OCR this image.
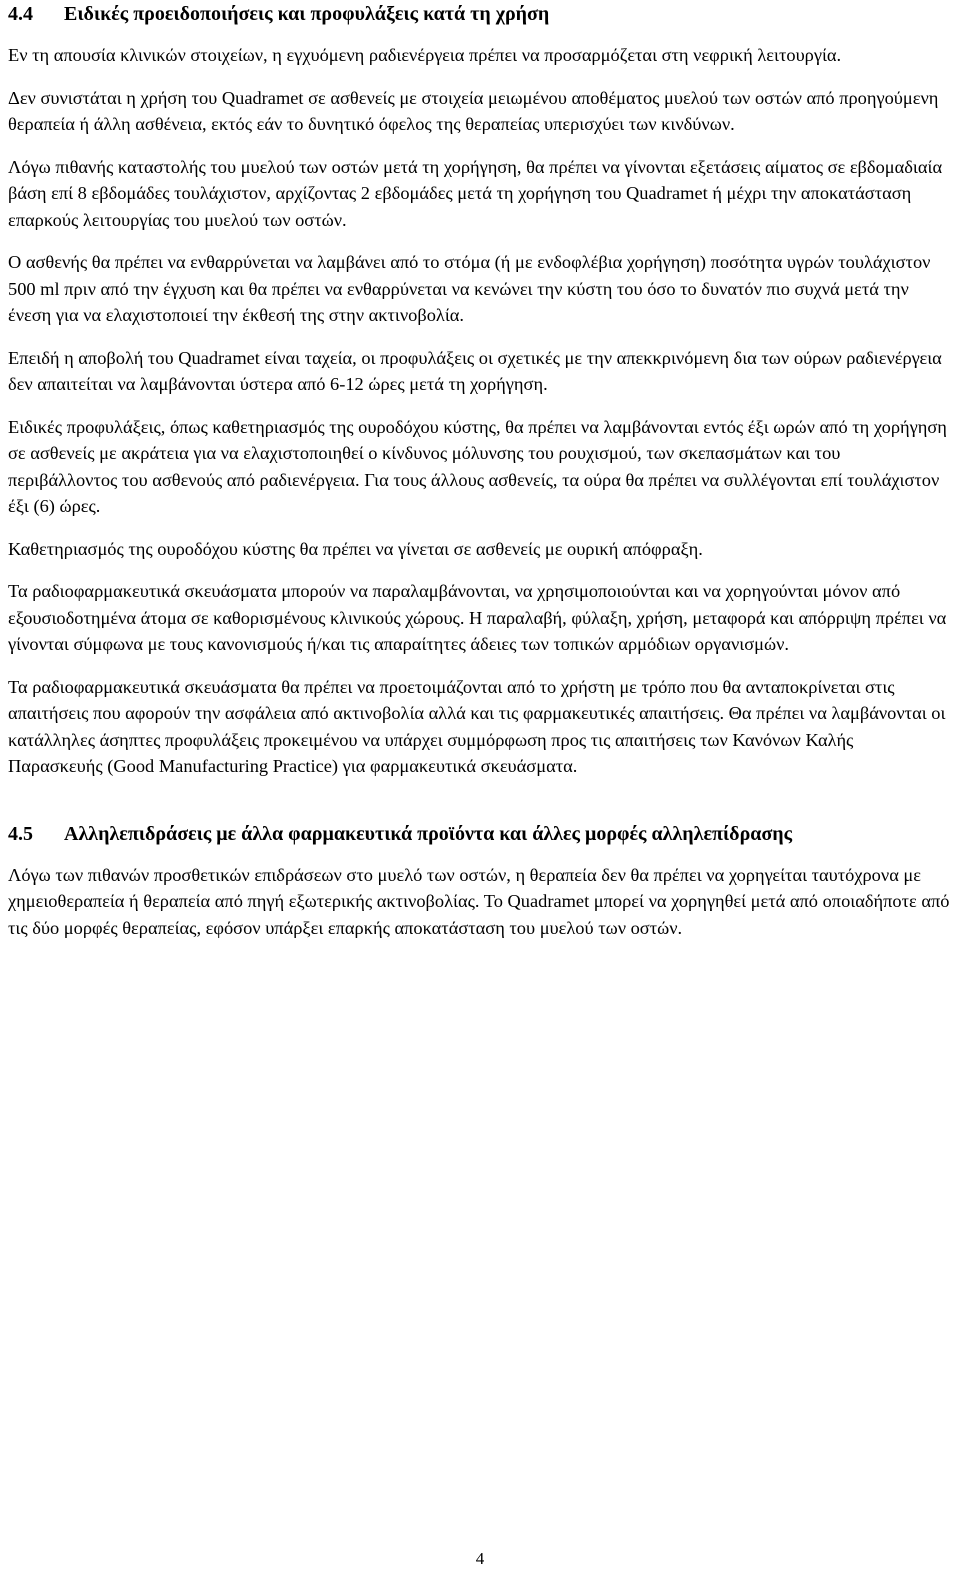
4.4	Ειδικές προειδοποιήσεις και προφυλάξεις κατά τη χρήση

Εν τη απουσία κλινικών στοιχείων, η εγχυόμενη ραδιενέργεια πρέπει να προσαρμόζεται στη νεφρική λειτουργία.

Δεν συνιστάται η χρήση του Quadramet σε ασθενείς με στοιχεία μειωμένου αποθέματος μυελού των οστών από προηγούμενη θεραπεία ή άλλη ασθένεια, εκτός εάν το δυνητικό όφελος της θεραπείας υπερισχύει των κινδύνων.

Λόγω πιθανής καταστολής του μυελού των οστών μετά τη χορήγηση, θα πρέπει να γίνονται εξετάσεις αίματος σε εβδομαδιαία βάση επί 8 εβδομάδες τουλάχιστον, αρχίζοντας 2 εβδομάδες μετά τη χορήγηση του Quadramet ή μέχρι την αποκατάσταση επαρκούς λειτουργίας του μυελού των οστών.

Ο ασθενής θα πρέπει να ενθαρρύνεται να λαμβάνει από το στόμα (ή με ενδοφλέβια χορήγηση) ποσότητα υγρών τουλάχιστον 500 ml πριν από την έγχυση και θα πρέπει να ενθαρρύνεται να κενώνει την κύστη του όσο το δυνατόν πιο συχνά μετά την ένεση για να ελαχιστοποιεί την έκθεσή της στην ακτινοβολία.

Επειδή η αποβολή του Quadramet είναι ταχεία, οι προφυλάξεις οι σχετικές με την απεκκρινόμενη δια των ούρων ραδιενέργεια δεν απαιτείται να λαμβάνονται ύστερα από 6-12 ώρες μετά τη χορήγηση.

Ειδικές προφυλάξεις, όπως καθετηριασμός της ουροδόχου κύστης, θα πρέπει να λαμβάνονται εντός έξι ωρών από τη χορήγηση σε ασθενείς με ακράτεια για να ελαχιστοποιηθεί ο κίνδυνος μόλυνσης του ρουχισμού, των σκεπασμάτων και του περιβάλλοντος του ασθενούς από ραδιενέργεια. Για τους άλλους ασθενείς, τα ούρα θα πρέπει να συλλέγονται επί τουλάχιστον έξι (6) ώρες.

Καθετηριασμός της ουροδόχου κύστης θα πρέπει να γίνεται σε ασθενείς με ουρική απόφραξη.

Τα ραδιοφαρμακευτικά σκευάσματα μπορούν να παραλαμβάνονται, να χρησιμοποιούνται και να χορηγούνται μόνον από εξουσιοδοτημένα άτομα σε καθορισμένους κλινικούς χώρους. Η παραλαβή, φύλαξη, χρήση, μεταφορά και απόρριψη πρέπει να γίνονται σύμφωνα με τους κανονισμούς ή/και τις απαραίτητες άδειες των τοπικών αρμόδιων οργανισμών.

Τα ραδιοφαρμακευτικά σκευάσματα θα πρέπει να προετοιμάζονται από το χρήστη με τρόπο που θα ανταποκρίνεται στις απαιτήσεις που αφορούν την ασφάλεια από ακτινοβολία αλλά και τις φαρμακευτικές απαιτήσεις. Θα πρέπει να λαμβάνονται οι κατάλληλες άσηπτες προφυλάξεις προκειμένου να υπάρχει συμμόρφωση προς τις απαιτήσεις των Κανόνων Καλής Παρασκευής (Good Manufacturing Practice) για φαρμακευτικά σκευάσματα.

4.5	Αλληλεπιδράσεις με άλλα φαρμακευτικά προϊόντα και άλλες μορφές αλληλεπίδρασης

Λόγω των πιθανών προσθετικών επιδράσεων στο μυελό των οστών, η θεραπεία δεν θα πρέπει να χορηγείται ταυτόχρονα με χημειοθεραπεία ή θεραπεία από πηγή εξωτερικής ακτινοβολίας. Το Quadramet μπορεί να χορηγηθεί μετά από οποιαδήποτε από τις δύο μορφές θεραπείας, εφόσον υπάρξει επαρκής αποκατάσταση του μυελού των οστών.

4
